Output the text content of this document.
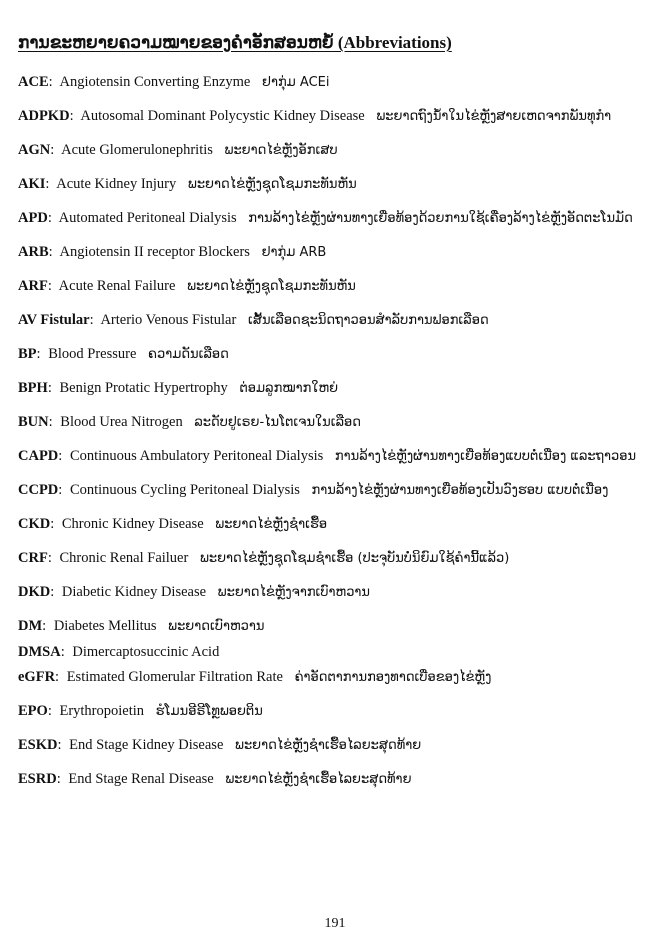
ການຂະຫຍາຍຄວາມໝາຍຂອງຄຳອັກສອນຫຍໍ້ (Abbreviations)
ACE: Angiotensin Converting Enzyme ຢາກຸ່ມ ACEi
ADPKD: Autosomal Dominant Polycystic Kidney Disease ພະຍາດຖົງນ້ຳໃນໄຂ່ຫຼັງສາຍເຫດຈາກພັນທຸກຳ
AGN: Acute Glomerulonephritis ພະຍາດໄຂ່ຫຼັງອັກເສບ
AKI: Acute Kidney Injury ພະຍາດໄຂ່ຫຼັງຊຸດໂຊມກະທັນຫັນ
APD: Automated Peritoneal Dialysis ການລ້າງໄຂ່ຫຼັງຜ່ານທາງເຍື່ອທ້ອງດ້ວຍການໃຊ້ເຄື່ອງລ້າງໄຂ່ຫຼັງອັດຕະໂນມັດ
ARB: Angiotensin II receptor Blockers ຢາກຸ່ມ ARB
ARF: Acute Renal Failure ພະຍາດໄຂ່ຫຼັງຊຸດໂຊມກະທັນຫັນ
AV Fistular: Arterio Venous Fistular ເສັ້ນເລືອດຊະນິດຖາວອນສຳລັບການຟອກເລືອດ
BP: Blood Pressure ຄວາມດັນເລືອດ
BPH: Benign Protatic Hypertrophy ຕ່ອມລູກໝາກໃຫຍ່
BUN: Blood Urea Nitrogen ລະດັບຢູເຣຍ-ໄນໂຕເຈນໃນເລືອດ
CAPD: Continuous Ambulatory Peritoneal Dialysis ການລ້າງໄຂ່ຫຼັງຜ່ານທາງເຍື່ອທ້ອງແບບຕໍ່ເນື່ອງ ແລະຖາວອນ
CCPD: Continuous Cycling Peritoneal Dialysis ການລ້າງໄຂ່ຫຼັງຜ່ານທາງເຍື່ອທ້ອງເປັນວົງຮອບ ແບບຕໍ່ເນື່ອງ
CKD: Chronic Kidney Disease ພະຍາດໄຂ່ຫຼັງຊຳເຮື້ອ
CRF: Chronic Renal Failuer ພະຍາດໄຂ່ຫຼັງຊຸດໂຊມຊຳເຮື້ອ (ປະຈຸບັນບໍ່ນິຍົມໃຊ້ຄຳນີ້ແລ້ວ)
DKD: Diabetic Kidney Disease ພະຍາດໄຂ່ຫຼັງຈາກເບົາຫວານ
DM: Diabetes Mellitus ພະຍາດເບົາຫວານ
DMSA: Dimercaptosuccinic Acid
eGFR: Estimated Glomerular Filtration Rate ຄ່າອັດຕາການກອງທາດເບື່ອຂອງໄຂ່ຫຼັງ
EPO: Erythropoietin ຮໍໂມນອີຣີໂທຼພອຍຕິນ
ESKD: End Stage Kidney Disease ພະຍາດໄຂ່ຫຼັງຊຳເຮື້ອໄລຍະສຸດທ້າຍ
ESRD: End Stage Renal Disease ພະຍາດໄຂ່ຫຼັງຊຳເຮື້ອໄລຍະສຸດທ້າຍ
191
